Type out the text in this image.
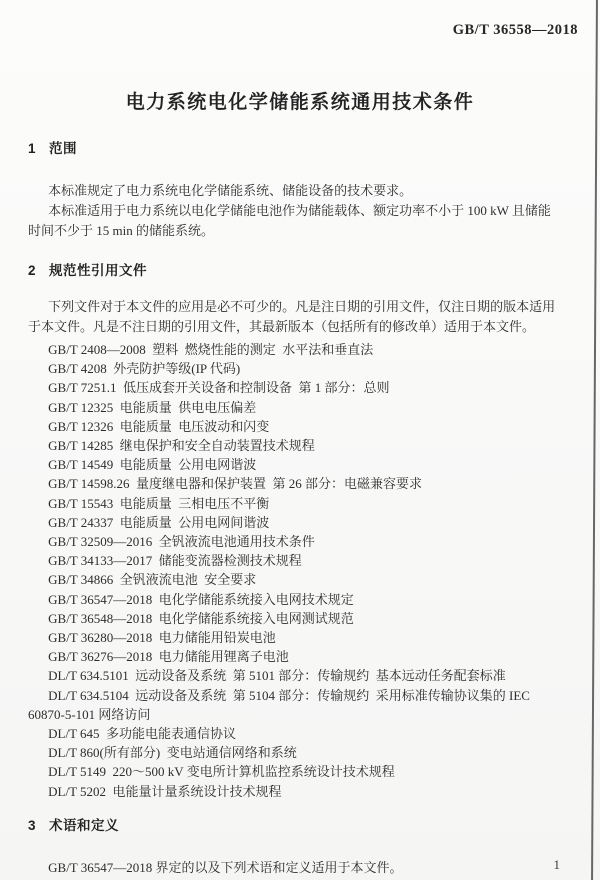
GB/T 36558—2018
电力系统电化学储能系统通用技术条件
1 范围

本标准规定了电力系统电化学储能系统、储能设备的技术要求。

本标准适用于电力系统以电化学储能电池作为储能载体、额定功率不小于 100 kW 且储能时间不少于 15 min 的储能系统。

2 规范性引用文件

下列文件对于本文件的应用是必不可少的。凡是注日期的引用文件，仅注日期的版本适用于本文件。凡是不注日期的引用文件，其最新版本（包括所有的修改单）适用于本文件。

GB/T 2408—2008  塑料  燃烧性能的测定  水平法和垂直法

GB/T 4208  外壳防护等级(IP 代码)

GB/T 7251.1  低压成套开关设备和控制设备  第 1 部分：总则

GB/T 12325  电能质量  供电电压偏差

GB/T 12326  电能质量  电压波动和闪变

GB/T 14285  继电保护和安全自动装置技术规程

GB/T 14549  电能质量  公用电网谐波

GB/T 14598.26  量度继电器和保护装置  第 26 部分：电磁兼容要求

GB/T 15543  电能质量  三相电压不平衡

GB/T 24337  电能质量  公用电网间谐波

GB/T 32509—2016  全钒液流电池通用技术条件

GB/T 34133—2017  储能变流器检测技术规程

GB/T 34866  全钒液流电池  安全要求

GB/T 36547—2018  电化学储能系统接入电网技术规定

GB/T 36548—2018  电化学储能系统接入电网测试规范

GB/T 36280—2018  电力储能用铅炭电池

GB/T 36276—2018  电力储能用锂离子电池

DL/T 634.5101  远动设备及系统  第 5101 部分：传输规约  基本远动任务配套标准

DL/T 634.5104  远动设备及系统  第 5104 部分：传输规约  采用标准传输协议集的 IEC 60870-5-101 网络访问

DL/T 645  多功能电能表通信协议

DL/T 860(所有部分)  变电站通信网络和系统

DL/T 5149  220～500 kV 变电所计算机监控系统设计技术规程

DL/T 5202  电能量计量系统设计技术规程

3 术语和定义

GB/T 36547—2018 界定的以及下列术语和定义适用于本文件。	1
